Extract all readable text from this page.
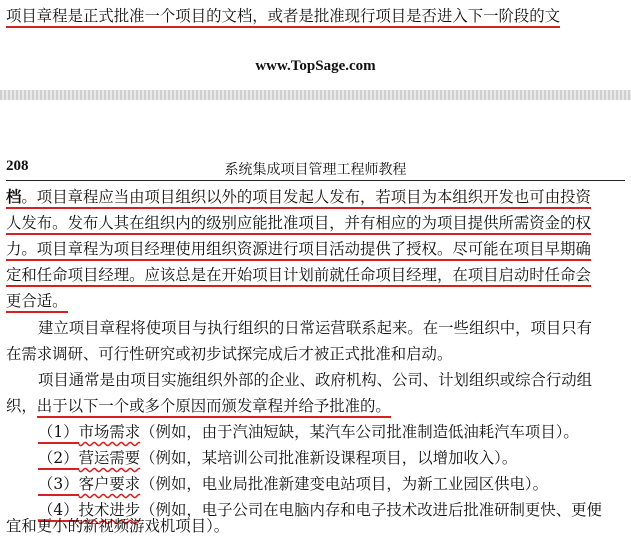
项目章程是正式批准一个项目的文档，或者是批准现行项目是否进入下一阶段的文
www.TopSage.com
208	系统集成项目管理工程师教程
档。项目章程应当由项目组织以外的项目发起人发布，若项目为本组织开发也可由投资
人发布。发布人其在组织内的级别应能批准项目，并有相应的为项目提供所需资金的权
力。项目章程为项目经理使用组织资源进行项目活动提供了授权。尽可能在项目早期确
定和任命项目经理。应该总是在开始项目计划前就任命项目经理，在项目启动时任命会
更合适。
建立项目章程将使项目与执行组织的日常运营联系起来。在一些组织中，项目只有
在需求调研、可行性研究或初步试探完成后才被正式批准和启动。
项目通常是由项目实施组织外部的企业、政府机构、公司、计划组织或综合行动组
织，出于以下一个或多个原因而颁发章程并给予批准的。
（1）市场需求（例如，由于汽油短缺，某汽车公司批准制造低油耗汽车项目）。
（2）营运需要（例如，某培训公司批准新设课程项目，以增加收入）。
（3）客户要求（例如，电业局批准新建变电站项目，为新工业园区供电）。
（4）技术进步（例如，电子公司在电脑内存和电子技术改进后批准研制更快、更便
宜和更小的新视频游戏机项目）。
